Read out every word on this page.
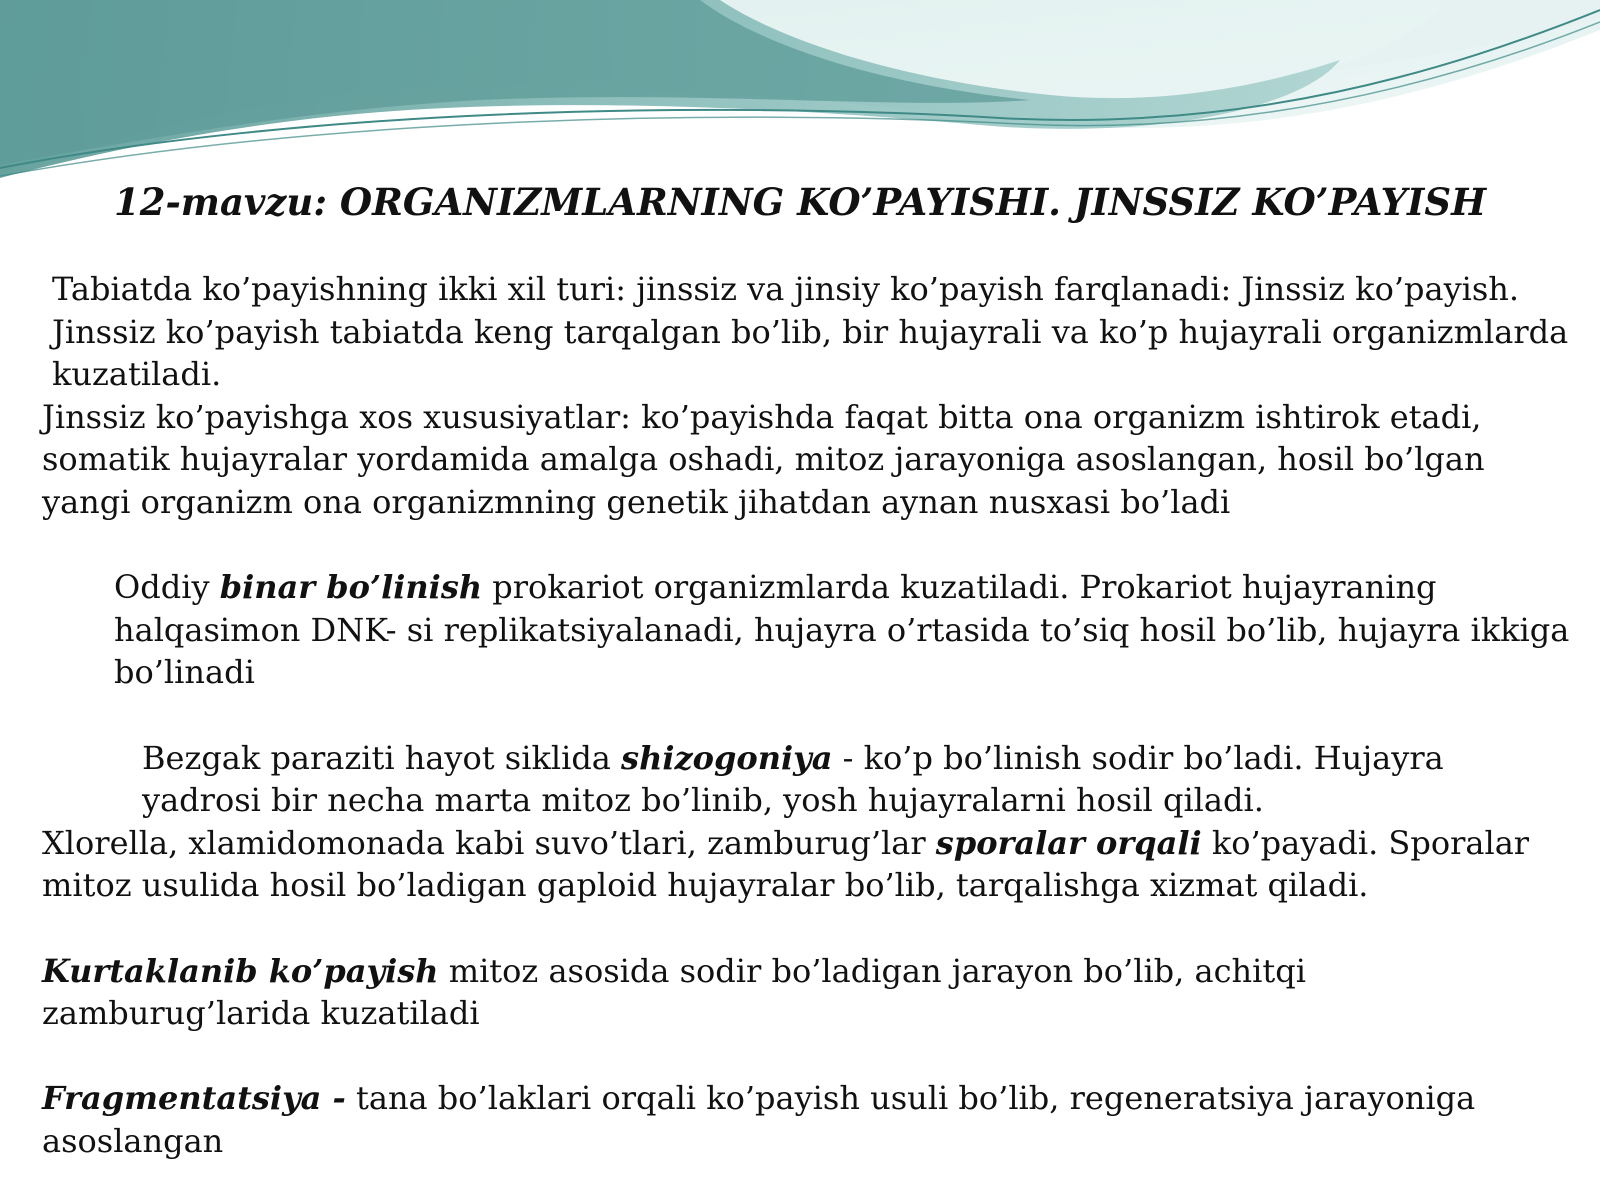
12-mavzu: ORGANIZMLARNING KO’PAYISHI. JINSSIZ KO’PAYISH

Tabiatda ko’payishning ikki xil turi: jinssiz va jinsiy ko’payish farqlanadi: Jinssiz ko’payish. Jinssiz ko’payish tabiatda keng tarqalgan bo’lib, bir hujayrali va ko’p hujayrali organizmlarda kuzatiladi.

Jinssiz ko’payishga xos xususiyatlar: ko’payishda faqat bitta ona organizm ishtirok etadi, somatik hujayralar yordamida amalga oshadi, mitoz jarayoniga asoslangan, hosil bo’lgan yangi organizm ona organizmning genetik jihatdan aynan nusxasi bo’ladi

Oddiy binar bo’linish prokariot organizmlarda kuzatiladi. Prokariot hujayraning halqasimon DNK- si replikatsiyalanadi, hujayra o’rtasida to’siq hosil bo’lib, hujayra ikkiga bo’linadi

Bezgak paraziti hayot siklida shizogoniya - ko’p bo’linish sodir bo’ladi. Hujayra yadrosi bir necha marta mitoz bo’linib, yosh hujayralarni hosil qiladi.

Xlorella, xlamidomonada kabi suvo’tlari, zamburug’lar sporalar orqali ko’payadi. Sporalar mitoz usulida hosil bo’ladigan gaploid hujayralar bo’lib, tarqalishga xizmat qiladi.

Kurtaklanib ko’payish mitoz asosida sodir bo’ladigan jarayon bo’lib, achitqi zamburug’larida kuzatiladi

Fragmentatsiya - tana bo’laklari orqali ko’payish usuli bo’lib, regeneratsiya jarayoniga asoslangan
